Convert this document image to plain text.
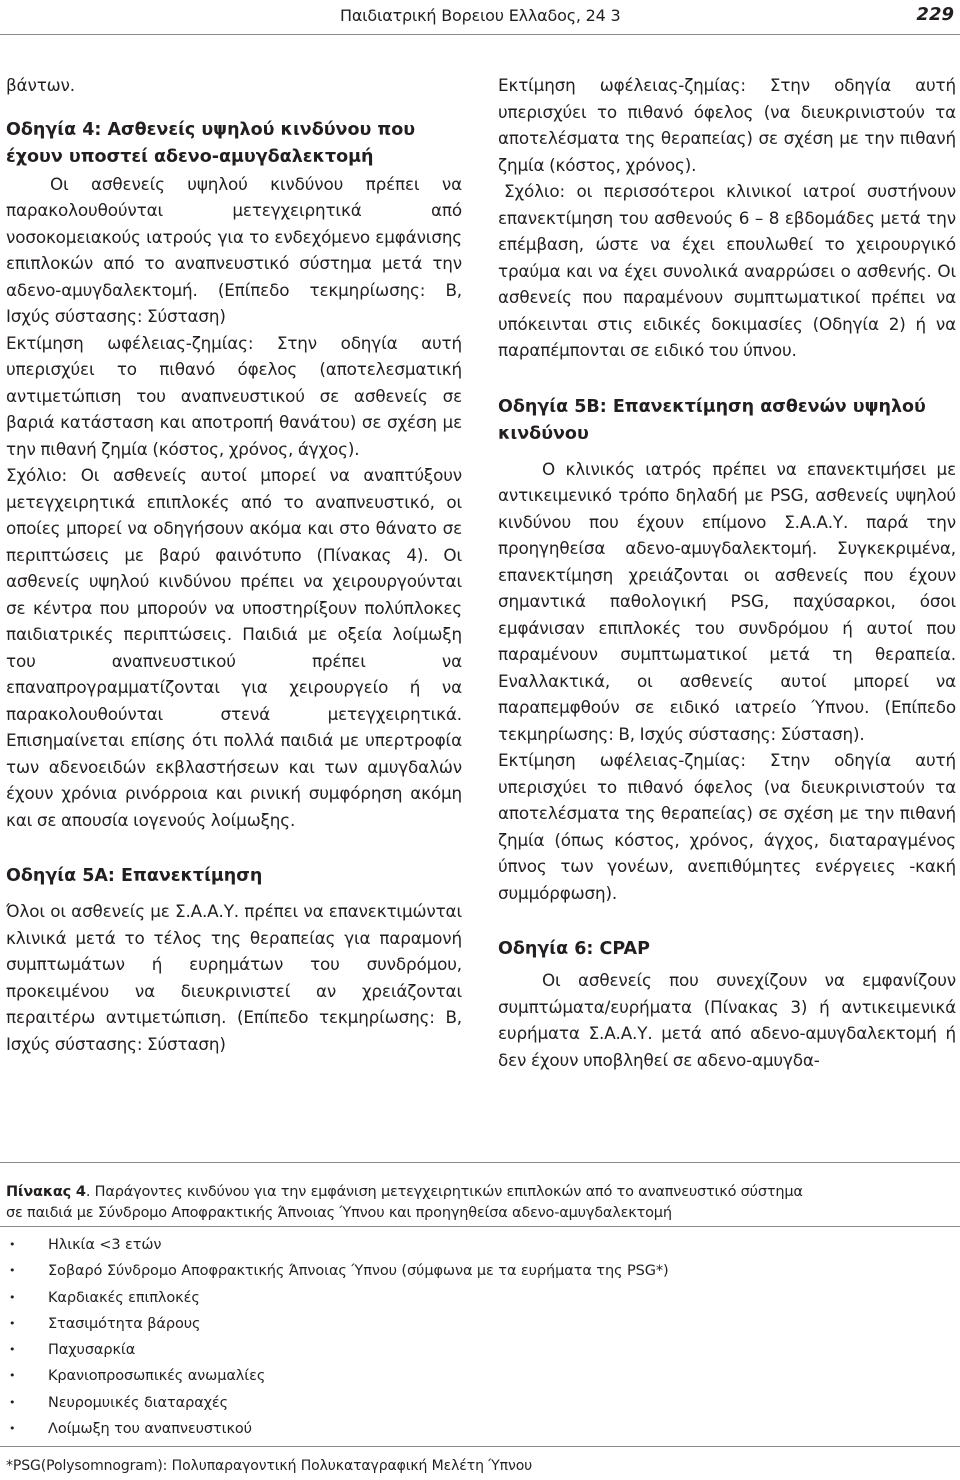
Παιδιατρική Βορειου Ελλαδος, 24 3	229

βάντων.

Οδηγία 4: Ασθενείς υψηλού κινδύνου που έχουν υποστεί αδενο-αμυγδαλεκτομή

Οι ασθενείς υψηλού κινδύνου πρέπει να παρακολουθούνται μετεγχειρητικά από νοσοκομειακούς ιατρούς για το ενδεχόμενο εμφάνισης επιπλοκών από το αναπνευστικό σύστημα μετά την αδενο-αμυγδαλεκτομή. (Επίπεδο τεκμηρίωσης: Β, Ισχύς σύστασης: Σύσταση)

Εκτίμηση ωφέλειας-ζημίας: Στην οδηγία αυτή υπερισχύει το πιθανό όφελος (αποτελεσματική αντιμετώπιση του αναπνευστικού σε ασθενείς σε βαριά κατάσταση και αποτροπή θανάτου) σε σχέση με την πιθανή ζημία (κόστος, χρόνος, άγχος).

Σχόλιο: Οι ασθενείς αυτοί μπορεί να αναπτύξουν μετεγχειρητικά επιπλοκές από το αναπνευστικό, οι οποίες μπορεί να οδηγήσουν ακόμα και στο θάνατο σε περιπτώσεις με βαρύ φαινότυπο (Πίνακας 4). Οι ασθενείς υψηλού κινδύνου πρέπει να χειρουργούνται σε κέντρα που μπορούν να υποστηρίξουν πολύπλοκες παιδιατρικές περιπτώσεις. Παιδιά με οξεία λοίμωξη του αναπνευστικού πρέπει να επαναπρογραμματίζονται για χειρουργείο ή να παρακολουθούνται στενά μετεγχειρητικά. Επισημαίνεται επίσης ότι πολλά παιδιά με υπερτροφία των αδενοειδών εκβλαστήσεων και των αμυγδαλών έχουν χρόνια ρινόρροια και ρινική συμφόρηση ακόμη και σε απουσία ιογενούς λοίμωξης.

Οδηγία 5Α: Επανεκτίμηση

Όλοι οι ασθενείς με Σ.Α.Α.Υ. πρέπει να επανεκτιμώνται κλινικά μετά το τέλος της θεραπείας για παραμονή συμπτωμάτων ή ευρημάτων του συνδρόμου, προκειμένου να διευκρινιστεί αν χρειάζονται περαιτέρω αντιμετώπιση. (Επίπεδο τεκμηρίωσης: Β, Ισχύς σύστασης: Σύσταση)

Εκτίμηση ωφέλειας-ζημίας: Στην οδηγία αυτή υπερισχύει το πιθανό όφελος (να διευκρινιστούν τα αποτελέσματα της θεραπείας) σε σχέση με την πιθανή ζημία (κόστος, χρόνος).

Σχόλιο: οι περισσότεροι κλινικοί ιατροί συστήνουν επανεκτίμηση του ασθενούς 6 – 8 εβδομάδες μετά την επέμβαση, ώστε να έχει επουλωθεί το χειρουργικό τραύμα και να έχει συνολικά αναρρώσει ο ασθενής. Οι ασθενείς που παραμένουν συμπτωματικοί πρέπει να υπόκεινται στις ειδικές δοκιμασίες (Οδηγία 2) ή να παραπέμπονται σε ειδικό του ύπνου.

Οδηγία 5Β: Επανεκτίμηση ασθενών υψηλού κινδύνου

Ο κλινικός ιατρός πρέπει να επανεκτιμήσει με αντικειμενικό τρόπο δηλαδή με PSG, ασθενείς υψηλού κινδύνου που έχουν επίμονο Σ.Α.Α.Υ. παρά την προηγηθείσα αδενο-αμυγδαλεκτομή. Συγκεκριμένα, επανεκτίμηση χρειάζονται οι ασθενείς που έχουν σημαντικά παθολογική PSG, παχύσαρκοι, όσοι εμφάνισαν επιπλοκές του συνδρόμου ή αυτοί που παραμένουν συμπτωματικοί μετά τη θεραπεία. Εναλλακτικά, οι ασθενείς αυτοί μπορεί να παραπεμφθούν σε ειδικό ιατρείο Ύπνου. (Επίπεδο τεκμηρίωσης: Β, Ισχύς σύστασης: Σύσταση).

Εκτίμηση ωφέλειας-ζημίας: Στην οδηγία αυτή υπερισχύει το πιθανό όφελος (να διευκρινιστούν τα αποτελέσματα της θεραπείας) σε σχέση με την πιθανή ζημία (όπως κόστος, χρόνος, άγχος, διαταραγμένος ύπνος των γονέων, ανεπιθύμητες ενέργειες -κακή συμμόρφωση).

Οδηγία 6: CPAP

Οι ασθενείς που συνεχίζουν να εμφανίζουν συμπτώματα/ευρήματα (Πίνακας 3) ή αντικειμενικά ευρήματα Σ.Α.Α.Υ. μετά από αδενο-αμυγδαλεκτομή ή δεν έχουν υποβληθεί σε αδενο-αμυγδα-

Πίνακας 4. Παράγοντες κινδύνου για την εμφάνιση μετεγχειρητικών επιπλοκών από το αναπνευστικό σύστημα σε παιδιά με Σύνδρομο Αποφρακτικής Άπνοιας Ύπνου και προηγηθείσα αδενο-αμυγδαλεκτομή
• Ηλικία <3 ετών
• Σοβαρό Σύνδρομο Αποφρακτικής Άπνοιας Ύπνου (σύμφωνα με τα ευρήματα της PSG*)
• Καρδιακές επιπλοκές
• Στασιμότητα βάρους
• Παχυσαρκία
• Κρανιοπροσωπικές ανωμαλίες
• Νευρομυικές διαταραχές
• Λοίμωξη του αναπνευστικού
*PSG(Polysomnogram): Πολυπαραγοντική Πολυκαταγραφική Μελέτη Ύπνου
